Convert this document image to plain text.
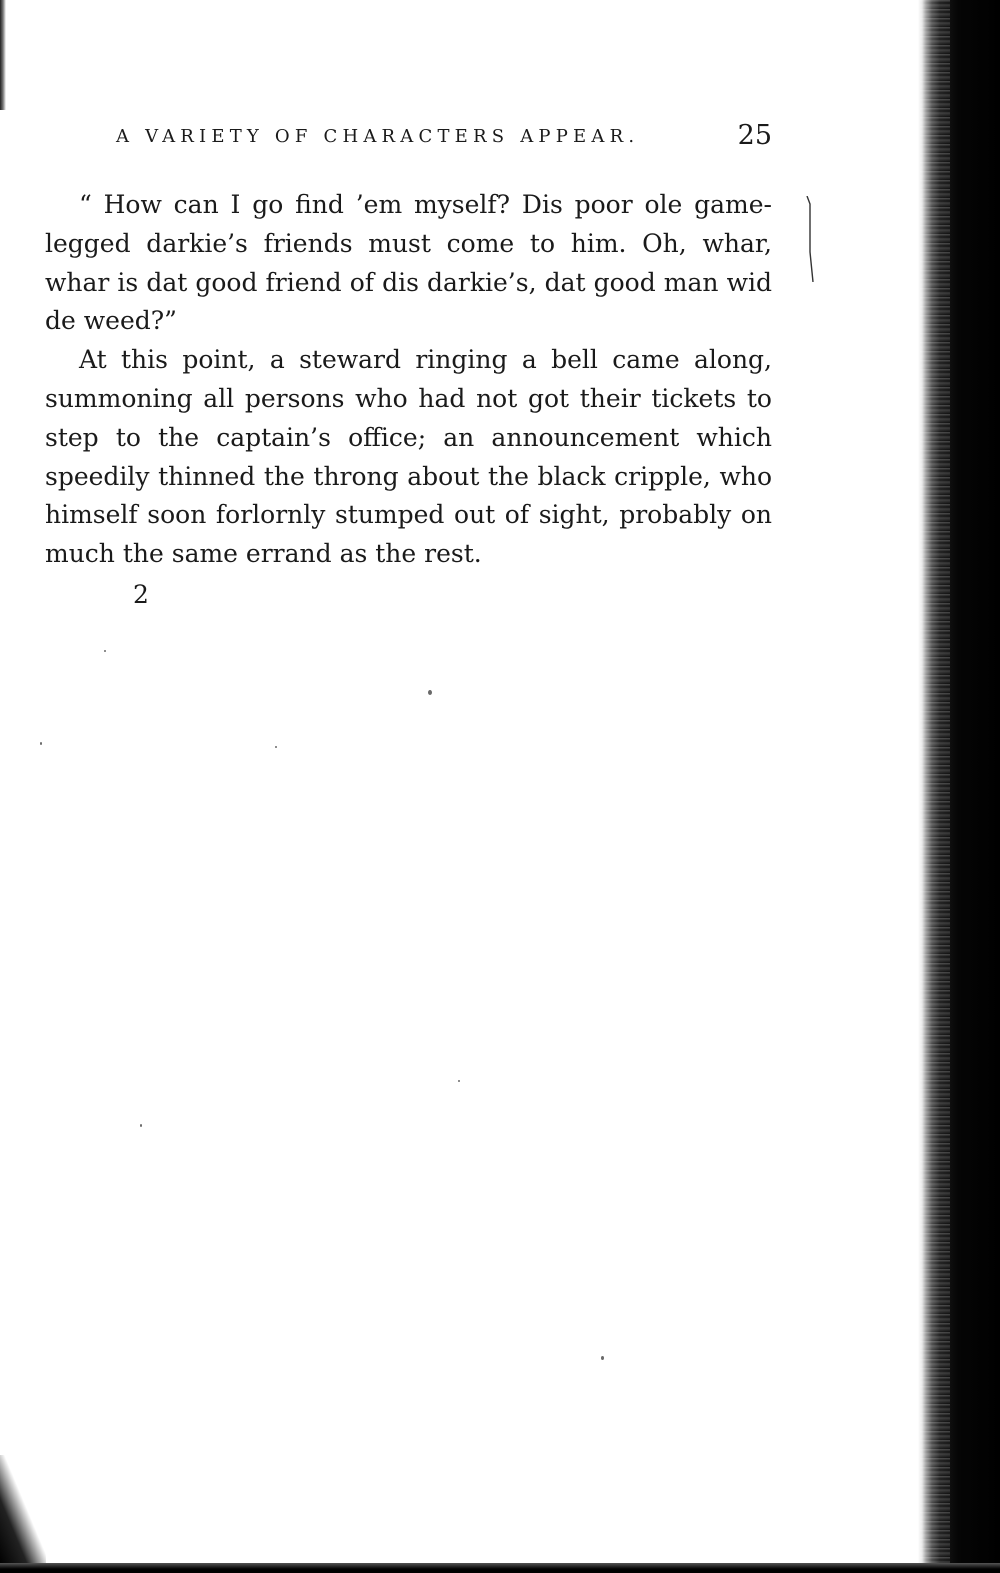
A VARIETY OF CHARACTERS APPEAR.	25

“ How can I go find ’em myself? Dis poor ole game-legged darkie’s friends must come to him. Oh, whar, whar is dat good friend of dis darkie’s, dat good man wid de weed?”

At this point, a steward ringing a bell came along, summoning all persons who had not got their tickets to step to the captain’s office; an announcement which speedily thinned the throng about the black cripple, who himself soon forlornly stumped out of sight, probably on much the same errand as the rest.

2
